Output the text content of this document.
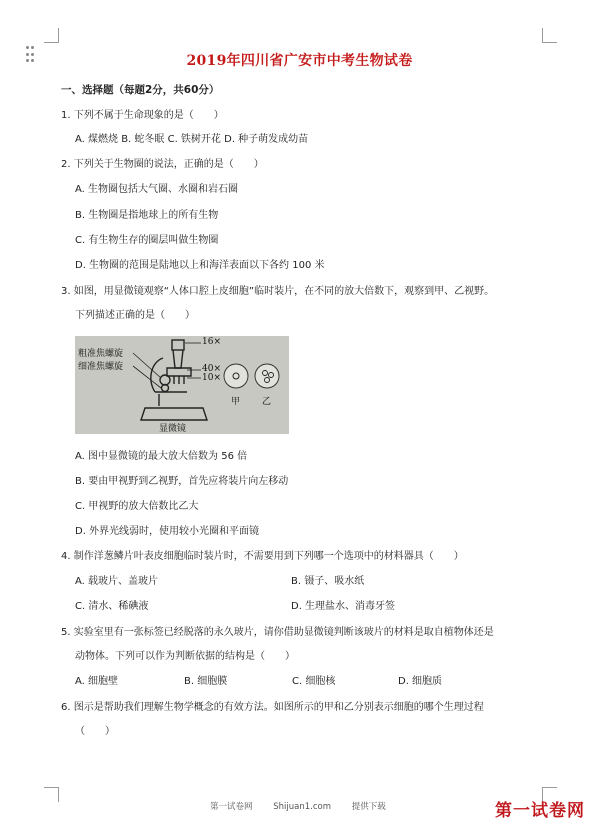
2019年四川省广安市中考生物试卷
一、选择题（每题2分，共60分）
1. 下列不属于生命现象的是（　　）
A. 煤燃烧 B. 蛇冬眠 C. 铁树开花 D. 种子萌发成幼苗
2. 下列关于生物圈的说法，正确的是（　　）
A. 生物圈包括大气圈、水圈和岩石圈
B. 生物圈是指地球上的所有生物
C. 有生物生存的圈层叫做生物圈
D. 生物圈的范围是陆地以上和海洋表面以下各约 100 米
3. 如图，用显微镜观察“人体口腔上皮细胞”临时装片，在不同的放大倍数下，观察到甲、乙视野。
下列描述正确的是（　　）
粗准焦螺旋
细准焦螺旋
16×
40×
10×
甲 乙
显微镜
A. 图中显微镜的最大放大倍数为 56 倍
B. 要由甲视野到乙视野，首先应将装片向左移动
C. 甲视野的放大倍数比乙大
D. 外界光线弱时，使用较小光圈和平面镜
4. 制作洋葱鳞片叶表皮细胞临时装片时，不需要用到下列哪一个选项中的材料器具（　　）
A. 载玻片、盖玻片	B. 镊子、吸水纸
C. 清水、稀碘液	D. 生理盐水、消毒牙签
5. 实验室里有一张标签已经脱落的永久玻片，请你借助显微镜判断该玻片的材料是取自植物体还是
动物体。下列可以作为判断依据的结构是（　　）
A. 细胞壁	B. 细胞膜	C. 细胞核	D. 细胞质
6. 图示是帮助我们理解生物学概念的有效方法。如图所示的甲和乙分别表示细胞的哪个生理过程
（　　）
第一试卷网 Shijuan1.com 提供下载	第一试卷网
